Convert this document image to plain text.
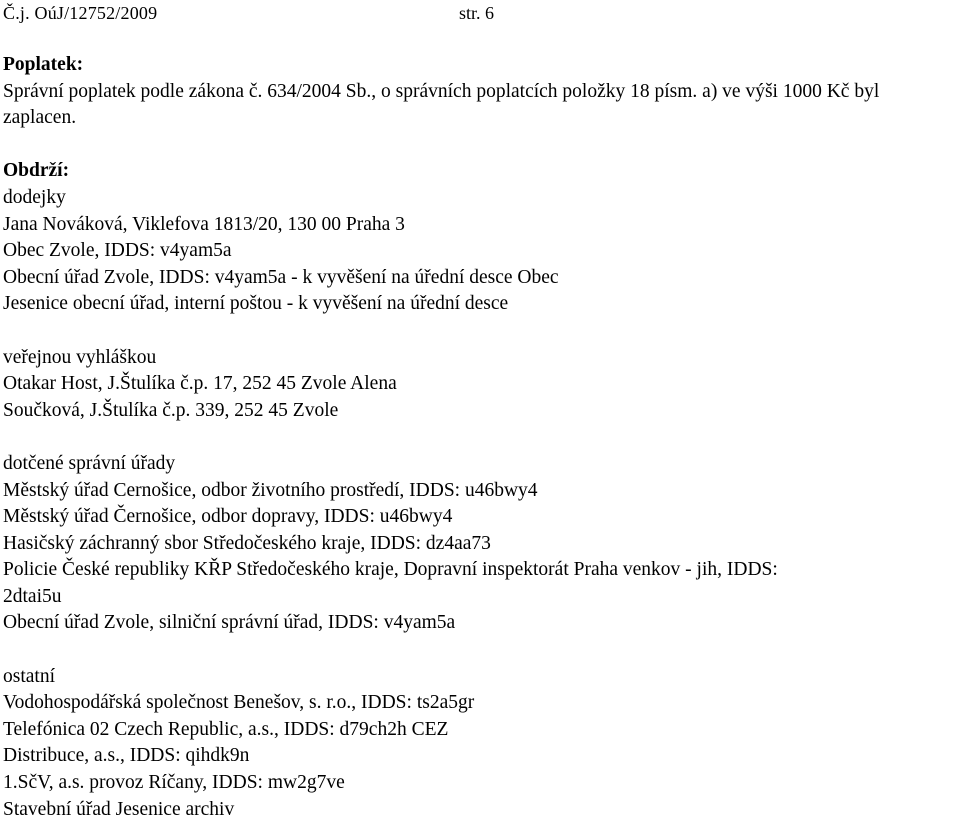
Č.j. OúJ/12752/2009	str. 6
Poplatek:
Správní poplatek podle zákona č. 634/2004 Sb., o správních poplatcích položky 18 písm. a) ve výši 1000 Kč byl zaplacen.
Obdrží:
dodejky
Jana Nováková, Viklefova 1813/20, 130 00 Praha 3
Obec Zvole, IDDS: v4yam5a
Obecní úřad Zvole, IDDS: v4yam5a - k vyvěšení na úřední desce Obec
Jesenice obecní úřad, interní poštou - k vyvěšení na úřední desce
veřejnou vyhláškou
Otakar Host, J.Štulíka č.p. 17, 252 45 Zvole Alena
Součková, J.Štulíka č.p. 339, 252 45 Zvole
dotčené správní úřady
Městský úřad Cernošice, odbor životního prostředí, IDDS: u46bwy4
Městský úřad Černošice, odbor dopravy, IDDS: u46bwy4
Hasičský záchranný sbor Středočeského kraje, IDDS: dz4aa73
Policie České republiky KŘP Středočeského kraje, Dopravní inspektorát Praha venkov - jih, IDDS:
2dtai5u
Obecní úřad Zvole, silniční správní úřad, IDDS: v4yam5a
ostatní
Vodohospodářská společnost Benešov, s. r.o., IDDS: ts2a5gr
Telefónica 02 Czech Republic, a.s., IDDS: d79ch2h CEZ
Distribuce, a.s., IDDS: qihdk9n
1.SčV, a.s. provoz Ríčany, IDDS: mw2g7ve
Stavební úřad Jesenice archiv
